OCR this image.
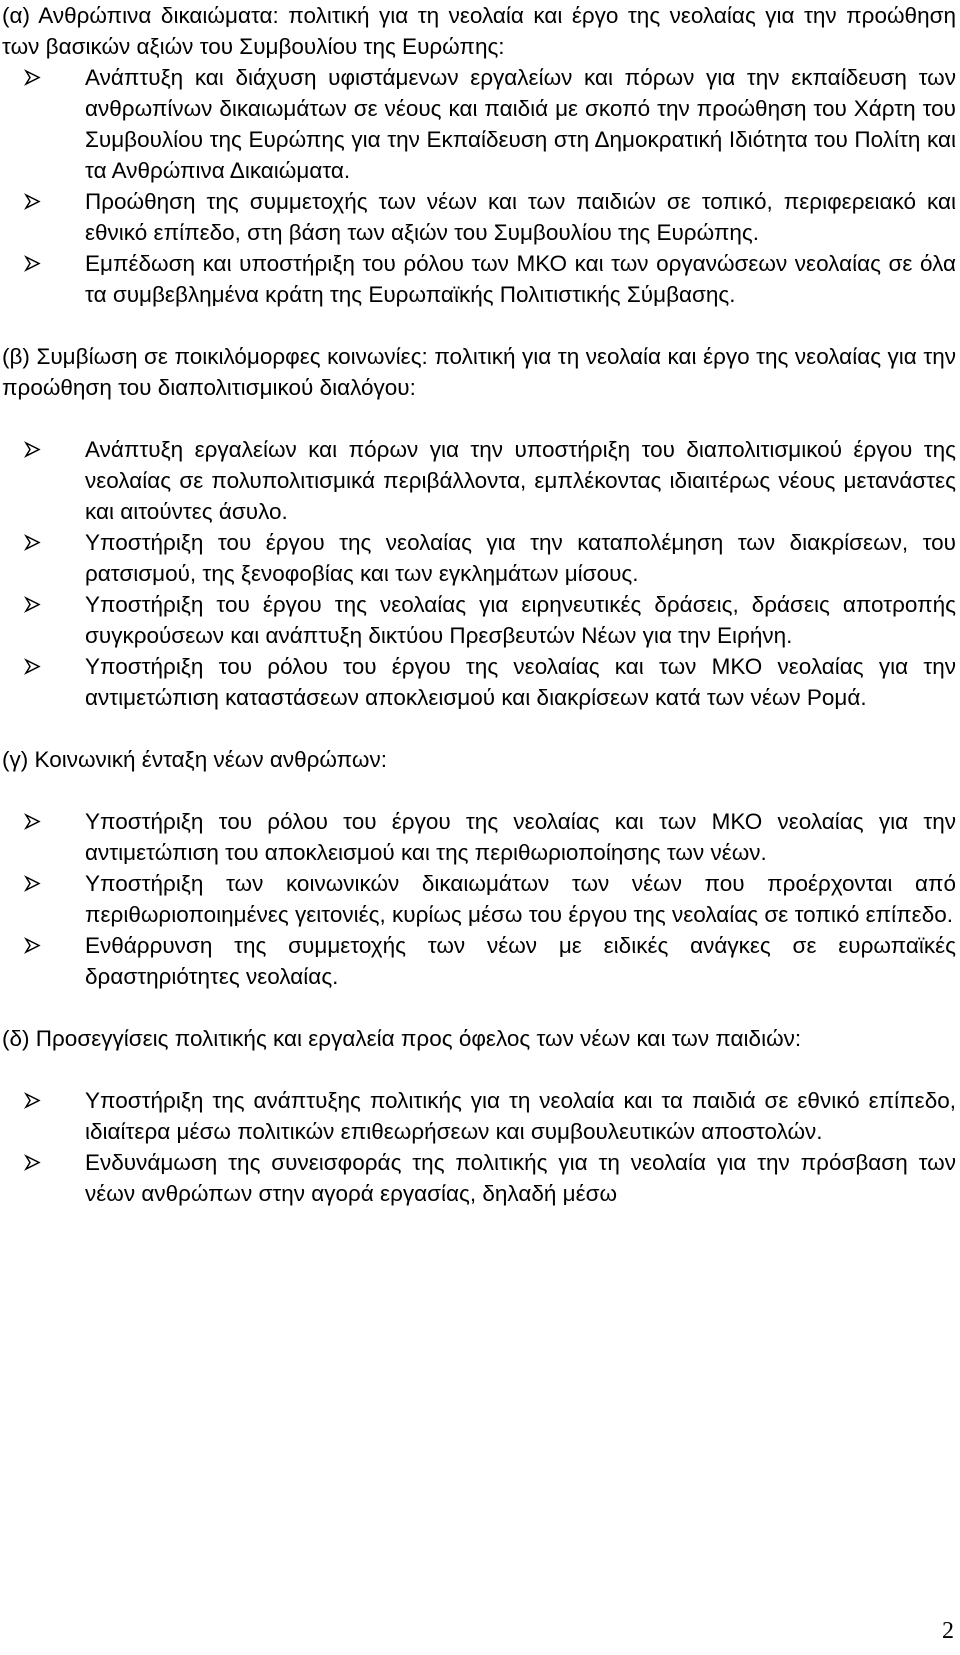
(α) Ανθρώπινα δικαιώματα: πολιτική για τη νεολαία και έργο της νεολαίας για την προώθηση των βασικών αξιών του Συμβουλίου της Ευρώπης:

Ανάπτυξη και διάχυση υφιστάμενων εργαλείων και πόρων για την εκπαίδευση των ανθρωπίνων δικαιωμάτων σε νέους και παιδιά με σκοπό την προώθηση του Χάρτη του Συμβουλίου της Ευρώπης για την Εκπαίδευση στη Δημοκρατική Ιδιότητα του Πολίτη και τα Ανθρώπινα Δικαιώματα.
Προώθηση της συμμετοχής των νέων και των παιδιών σε τοπικό, περιφερειακό και εθνικό επίπεδο, στη βάση των αξιών του Συμβουλίου της Ευρώπης.
Εμπέδωση και υποστήριξη του ρόλου των ΜΚΟ και των οργανώσεων νεολαίας σε όλα τα συμβεβλημένα κράτη της Ευρωπαϊκής Πολιτιστικής Σύμβασης.

(β) Συμβίωση σε ποικιλόμορφες κοινωνίες: πολιτική για τη νεολαία και έργο της νεολαίας για την προώθηση του διαπολιτισμικού διαλόγου:

Ανάπτυξη εργαλείων και πόρων για την υποστήριξη του διαπολιτισμικού έργου της νεολαίας σε πολυπολιτισμικά περιβάλλοντα, εμπλέκοντας ιδιαιτέρως νέους μετανάστες και αιτούντες άσυλο.
Υποστήριξη του έργου της νεολαίας για την καταπολέμηση των διακρίσεων, του ρατσισμού, της ξενοφοβίας και των εγκλημάτων μίσους.
Υποστήριξη του έργου της νεολαίας για ειρηνευτικές δράσεις, δράσεις αποτροπής συγκρούσεων και ανάπτυξη δικτύου Πρεσβευτών Νέων για την Ειρήνη.
Υποστήριξη του ρόλου του έργου της νεολαίας και των ΜΚΟ νεολαίας για την αντιμετώπιση καταστάσεων αποκλεισμού και διακρίσεων κατά των νέων Ρομά.

(γ) Κοινωνική ένταξη νέων ανθρώπων:

Υποστήριξη του ρόλου του έργου της νεολαίας και των ΜΚΟ νεολαίας για την αντιμετώπιση του αποκλεισμού και της περιθωριοποίησης των νέων.
Υποστήριξη των κοινωνικών δικαιωμάτων των νέων που προέρχονται από περιθωριοποιημένες γειτονιές, κυρίως μέσω του έργου της νεολαίας σε τοπικό επίπεδο.
Ενθάρρυνση της συμμετοχής των νέων με ειδικές ανάγκες σε ευρωπαϊκές δραστηριότητες νεολαίας.

(δ) Προσεγγίσεις πολιτικής και εργαλεία προς όφελος των νέων και των παιδιών:

Υποστήριξη της ανάπτυξης πολιτικής για τη νεολαία και τα παιδιά σε εθνικό επίπεδο, ιδιαίτερα μέσω πολιτικών επιθεωρήσεων και συμβουλευτικών αποστολών.
Ενδυνάμωση της συνεισφοράς της πολιτικής για τη νεολαία για την πρόσβαση των νέων ανθρώπων στην αγορά εργασίας, δηλαδή μέσω
2
